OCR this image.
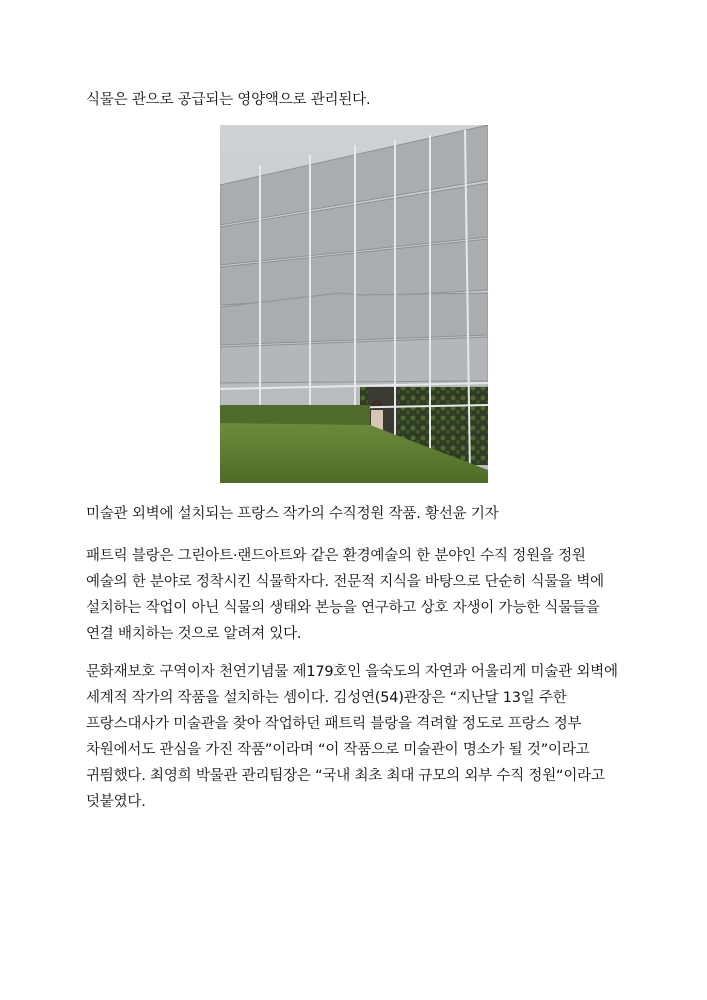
식물은 관으로 공급되는 영양액으로 관리된다.

미술관 외벽에 설치되는 프랑스 작가의 수직정원 작품. 황선윤 기자

패트릭 블랑은 그린아트·랜드아트와 같은 환경예술의 한 분야인 수직 정원을 정원

예술의 한 분야로 정착시킨 식물학자다. 전문적 지식을 바탕으로 단순히 식물을 벽에

설치하는 작업이 아닌 식물의 생태와 본능을 연구하고 상호 자생이 가능한 식물들을

연결 배치하는 것으로 알려져 있다.

문화재보호 구역이자 천연기념물 제179호인 을숙도의 자연과 어울리게 미술관 외벽에

세계적 작가의 작품을 설치하는 셈이다. 김성연(54)관장은 “지난달 13일 주한

프랑스대사가 미술관을 찾아 작업하던 패트릭 블랑을 격려할 정도로 프랑스 정부

차원에서도 관심을 가진 작품”이라며 “이 작품으로 미술관이 명소가 될 것”이라고

귀띔했다. 최영희 박물관 관리팀장은 “국내 최초 최대 규모의 외부 수직 정원“이라고

덧붙였다.
